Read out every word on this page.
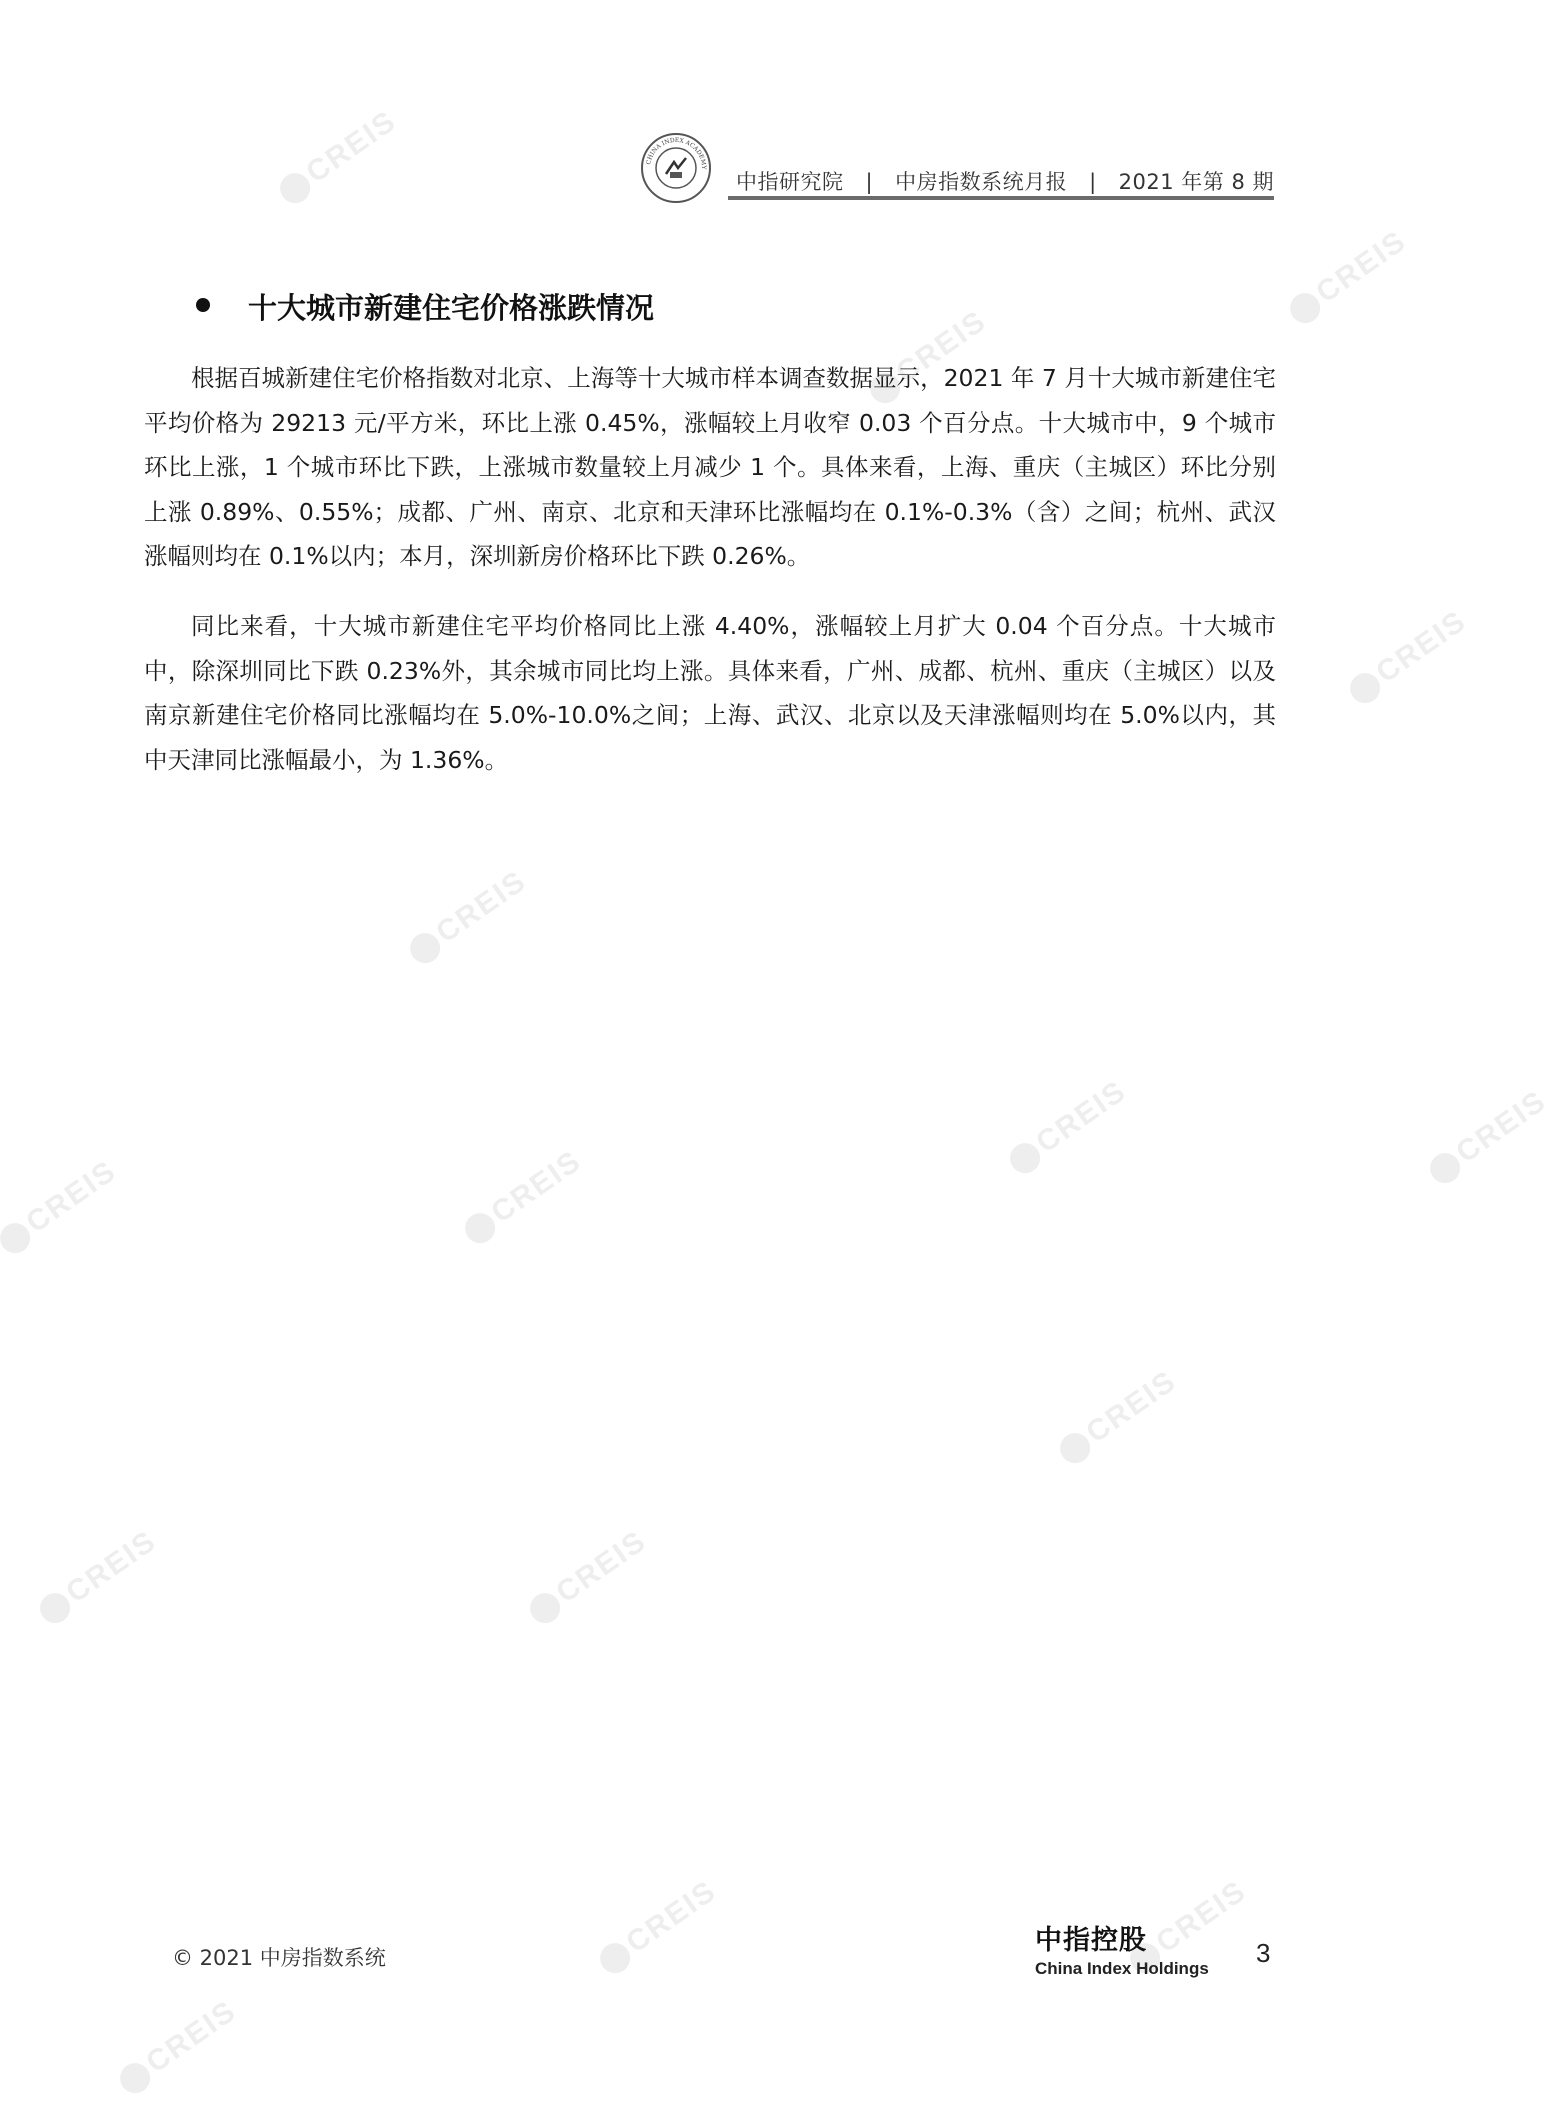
CREIS
CREIS
CREIS
CREIS
CREIS
CREIS
CREIS
CREIS
CREIS
CREIS
CREIS
CREIS
CREIS	CREIS
CREIS
CHINA INDEX ACADEMY
中指研究院 | 中房指数系统月报 | 2021 年第 8 期
十大城市新建住宅价格涨跌情况

根据百城新建住宅价格指数对北京、上海等十大城市样本调查数据显示，2021 年 7 月十大城市新建住宅平均价格为 29213 元/平方米，环比上涨 0.45%，涨幅较上月收窄 0.03 个百分点。十大城市中，9 个城市环比上涨，1 个城市环比下跌，上涨城市数量较上月减少 1 个。具体来看，上海、重庆（主城区）环比分别上涨 0.89%、0.55%；成都、广州、南京、北京和天津环比涨幅均在 0.1%-0.3%（含）之间；杭州、武汉涨幅则均在 0.1%以内；本月，深圳新房价格环比下跌 0.26%。

同比来看，十大城市新建住宅平均价格同比上涨 4.40%，涨幅较上月扩大 0.04 个百分点。十大城市中，除深圳同比下跌 0.23%外，其余城市同比均上涨。具体来看，广州、成都、杭州、重庆（主城区）以及南京新建住宅价格同比涨幅均在 5.0%-10.0%之间；上海、武汉、北京以及天津涨幅则均在 5.0%以内，其中天津同比涨幅最小，为 1.36%。

© 2021 中房指数系统
中指控股
China Index Holdings
3
